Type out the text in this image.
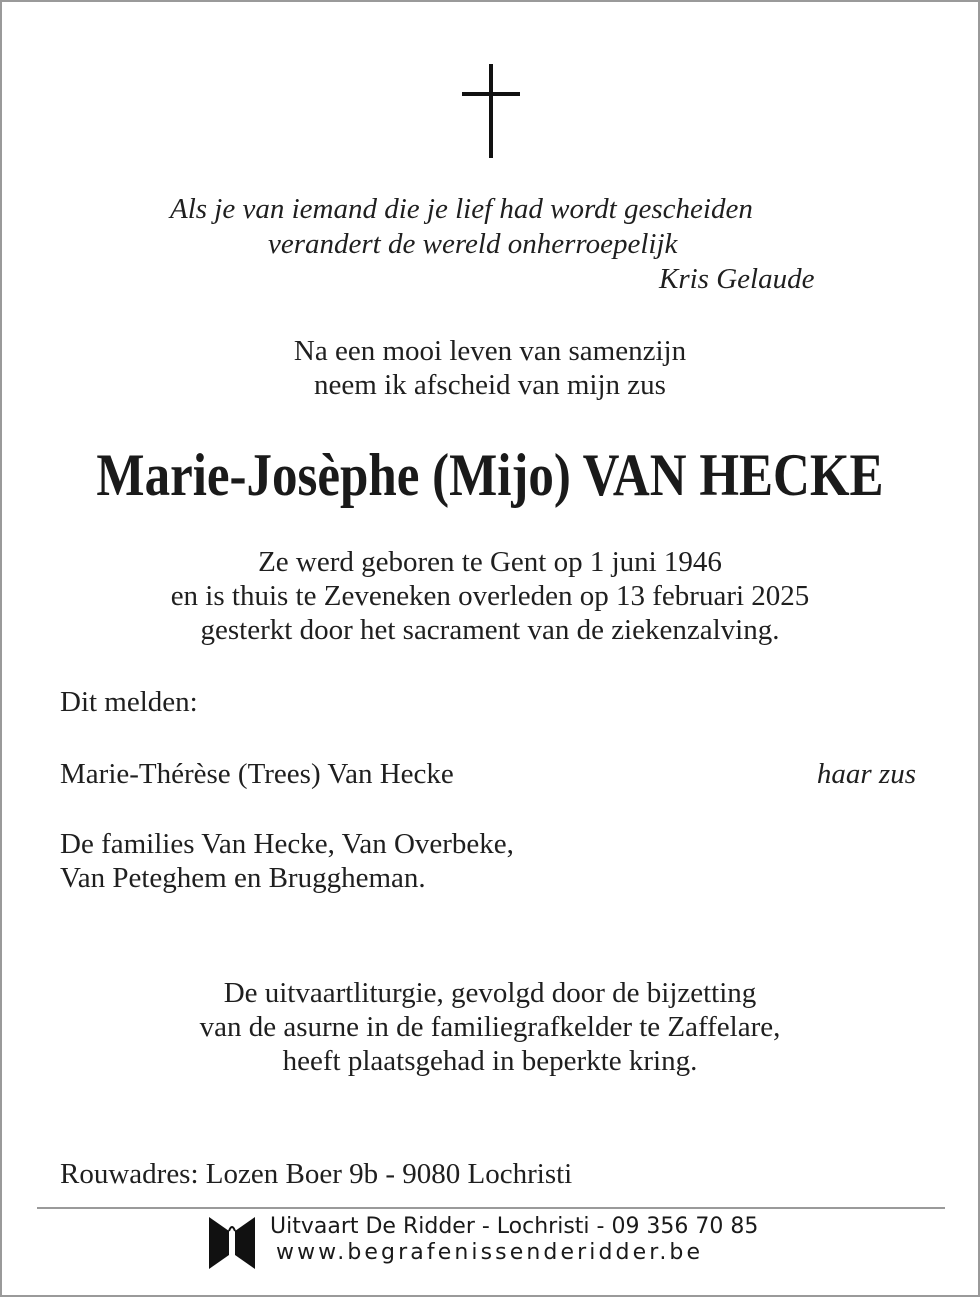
Als je van iemand die je lief had wordt gescheiden
verandert de wereld onherroepelijk
Kris Gelaude
Na een mooi leven van samenzijn
neem ik afscheid van mijn zus
Marie-Josèphe (Mijo) VAN HECKE
Ze werd geboren te Gent op 1 juni 1946
en is thuis te Zeveneken overleden op 13 februari 2025
gesterkt door het sacrament van de ziekenzalving.
Dit melden:
Marie-Thérèse (Trees) Van Hecke	haar zus
De families Van Hecke, Van Overbeke,
Van Peteghem en Bruggheman.
De uitvaartliturgie, gevolgd door de bijzetting
van de asurne in de familiegrafkelder te Zaffelare,
heeft plaatsgehad in beperkte kring.
Rouwadres: Lozen Boer 9b - 9080 Lochristi
Uitvaart De Ridder - Lochristi - 09 356 70 85
www.begrafenissenderidder.be
